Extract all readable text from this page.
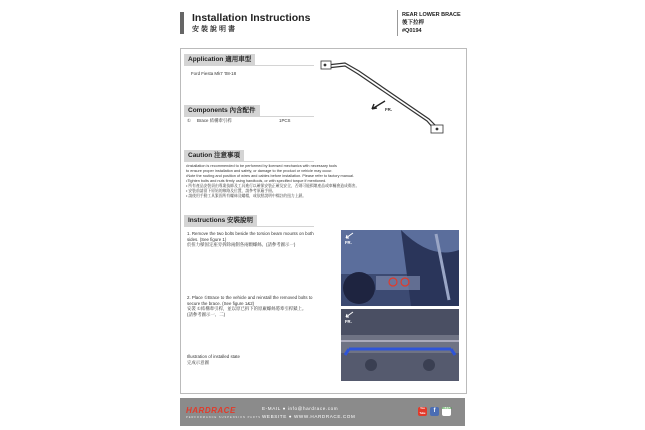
Installation Instructions
安裝說明書
REAR LOWER BRACE
後下拉桿
#Q0194
Application 適用車型
Ford Fiesta Mk7 '08-18
FR.
Components 內含配件
① Brace 結構牽引桿	1PCS
Caution 注意事項
•Installation is recommended to be performed by licensed mechanics with necessary tools
to ensure proper installation and safety, or damage to the product or vehicle may occur.
•Note the routing and position of wires and cables before installation. Please refer to factory manual.
•Tighten bolts and nuts firmly using handtools, or with specified torque if mentioned.
• 所有產品安裝須由專業技師及工具進行以確保安裝正確及安全，否則可能損壞產品或車輛會造成傷害。
• 安裝前請留下原始的線路及位置，請參考原廠手冊。
• 請使用手動工具緊固所有螺絲及螺帽，或依照說明中標註的扭力上鎖。
Instructions 安裝說明
1. Remove the two bolts beside the torsion beam mounts on both
sides. (See figure 1)
於扭力樑固定座旁拆除兩側各兩顆螺絲。(請參考圖示一)
2. Place ①Brace to the vehicle and reinstall the removed bolts to
secure the brace. (See figure 1&2)
安裝 ①結構牽引桿，並以原已拆下的原廠螺絲將牽引桿鎖上。
(請參考圖示一、二)
Illustration of installed state
完成示意圖
FR.
FR.
HARDRACE
PERFORMANCE SUSPENSION PARTS
E-MAIL ● info@hardrace.com
WEBSITE ● WWW.HARDRACE.COM
You Tube	f	WeChat
